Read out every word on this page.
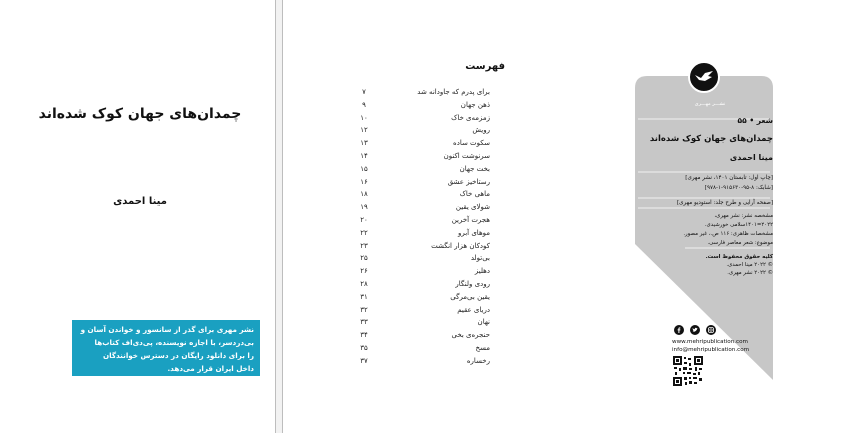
چمدان‌های جهان کوک شده‌اند
مینا احمدی
نشر مهری برای گذر از سانسور و خواندن آسان و
بی‌دردسر، با اجازه نویسنده، پی‌دی‌اف کتاب‌ها
را برای دانلود رایگان در دسترس خوانندگان
داخل ایران قرار می‌دهد.
فهرست
برای پدرم که جاودانه شد
۷
ذهن جهان
۹
زمزمه‌ی خاک
۱۰
رویش
۱۲
سکوت ساده
۱۳
سرنوشت اکنون
۱۴
بخت جهان
۱۵
رستاخیز عشق
۱۶
ماهی خاک
۱۸
شولای یقین
۱۹
هجرت آخرین
۲۰
موهای آبرو
۲۲
کودکان هزار انگشت
۲۳
بی‌تولد
۲۵
دهلیز
۲۶
رودی ولنگار
۲۸
یقین بی‌مرگی
۳۱
دریای عقیم
۳۲
نهان
۳۳
حنجره‌ی بخی
۳۴
مسخ
۳۵
رخساره
۳۷
نشـــر مهـــری
شعر • ۵۵
چمدان‌های جهان کوک شده‌اند
مینا احمدی
[چاپ اول: تابستان ۱۴۰۱، نشر مهری]
[شابک: ۸-۹۵-۹۱۵۶۳۰-۱-۹۷۸]
[صفحه آرایی و طرح جلد: استودیو مهری]
مشخصه نشر: نشر مهری،
۲۰۲۲=۱۴۰۱سلامی خورشیدی.
مشخصات ظاهری: ۱۱۶ ص.، غیر مصور.
موضوع: شعر معاصر فارسی.
کلیه حقوق محفوظ است.
© ۲۰۲۲ مینا احمدی.
© ۲۰۲۲ نشر مهری.
www.mehripublication.com
info@mehripublication.com
